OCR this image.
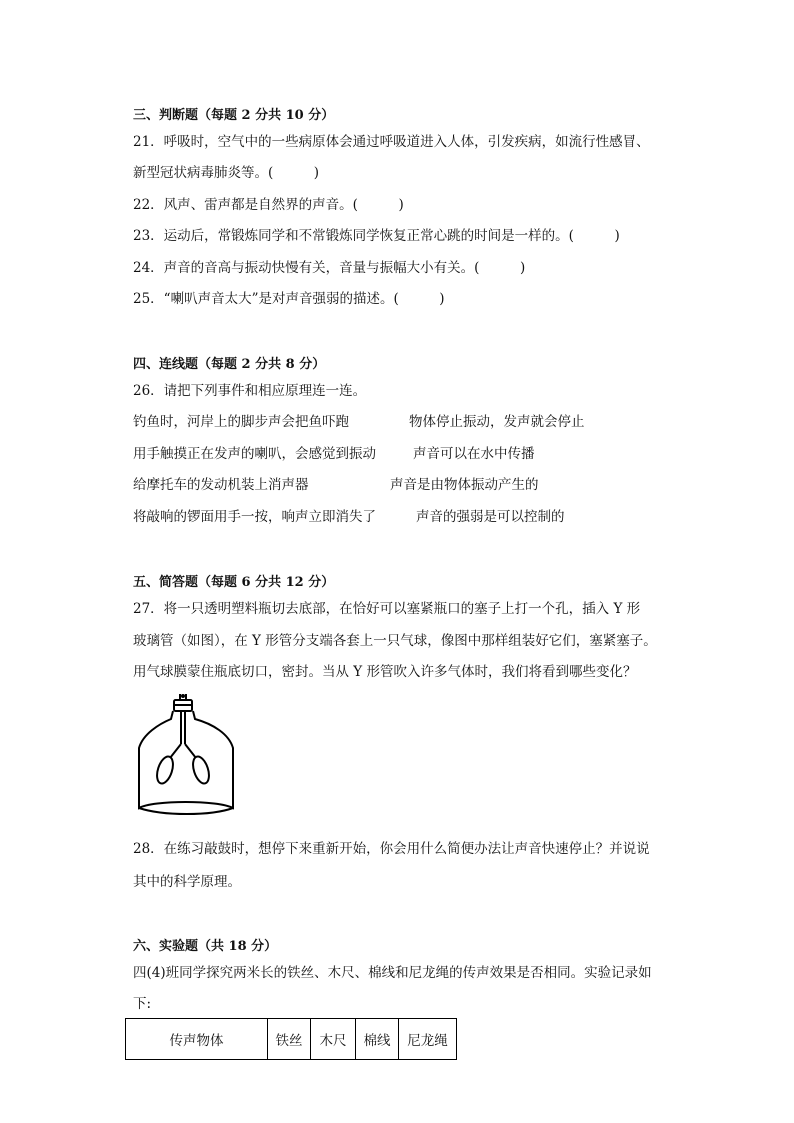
三、判断题（每题 2 分共 10 分）
21．呼吸时，空气中的一些病原体会通过呼吸道进入人体，引发疾病，如流行性感冒、
新型冠状病毒肺炎等。(　　　)
22．风声、雷声都是自然界的声音。(　　　)
23．运动后，常锻炼同学和不常锻炼同学恢复正常心跳的时间是一样的。(　　　)
24．声音的音高与振动快慢有关，音量与振幅大小有关。(　　　)
25．“喇叭声音太大”是对声音强弱的描述。(　　　)
四、连线题（每题 2 分共 8 分）
26．请把下列事件和相应原理连一连。
钓鱼时，河岸上的脚步声会把鱼吓跑	物体停止振动，发声就会停止
用手触摸正在发声的喇叭，会感觉到振动	声音可以在水中传播
给摩托车的发动机装上消声器	声音是由物体振动产生的
将敲响的锣面用手一按，响声立即消失了	声音的强弱是可以控制的
五、简答题（每题 6 分共 12 分）
27．将一只透明塑料瓶切去底部，在恰好可以塞紧瓶口的塞子上打一个孔，插入 Y 形
玻璃管（如图），在 Y 形管分支端各套上一只气球，像图中那样组装好它们，塞紧塞子。
用气球膜蒙住瓶底切口，密封。当从 Y 形管吹入许多气体时，我们将看到哪些变化？
28．在练习敲鼓时，想停下来重新开始，你会用什么简便办法让声音快速停止？并说说
其中的科学原理。
六、实验题（共 18 分）
四(4)班同学探究两米长的铁丝、木尺、棉线和尼龙绳的传声效果是否相同。实验记录如
下:
传声物体	铁丝	木尺	棉线	尼龙绳
